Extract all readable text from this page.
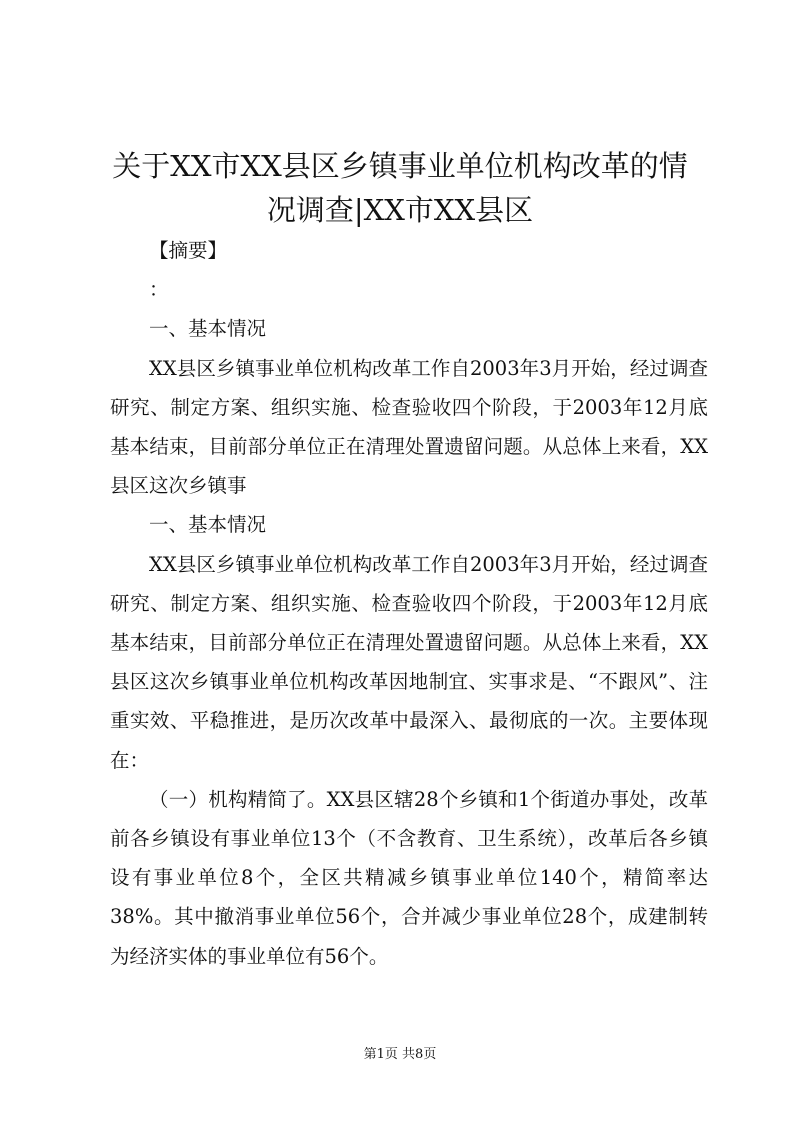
关于XX市XX县区乡镇事业单位机构改革的情况调查|XX市XX县区

【摘要】

：

一、基本情况

XX县区乡镇事业单位机构改革工作自2003年3月开始，经过调查研究、制定方案、组织实施、检查验收四个阶段，于2003年12月底基本结束，目前部分单位正在清理处置遗留问题。从总体上来看，XX县区这次乡镇事

一、基本情况

XX县区乡镇事业单位机构改革工作自2003年3月开始，经过调查研究、制定方案、组织实施、检查验收四个阶段，于2003年12月底基本结束，目前部分单位正在清理处置遗留问题。从总体上来看，XX县区这次乡镇事业单位机构改革因地制宜、实事求是、“不跟风”、注重实效、平稳推进，是历次改革中最深入、最彻底的一次。主要体现在：

（一）机构精简了。XX县区辖28个乡镇和1个街道办事处，改革前各乡镇设有事业单位13个（不含教育、卫生系统），改革后各乡镇设有事业单位8个，全区共精减乡镇事业单位140个，精简率达38%。其中撤消事业单位56个，合并减少事业单位28个，成建制转为经济实体的事业单位有56个。

第1页 共8页
